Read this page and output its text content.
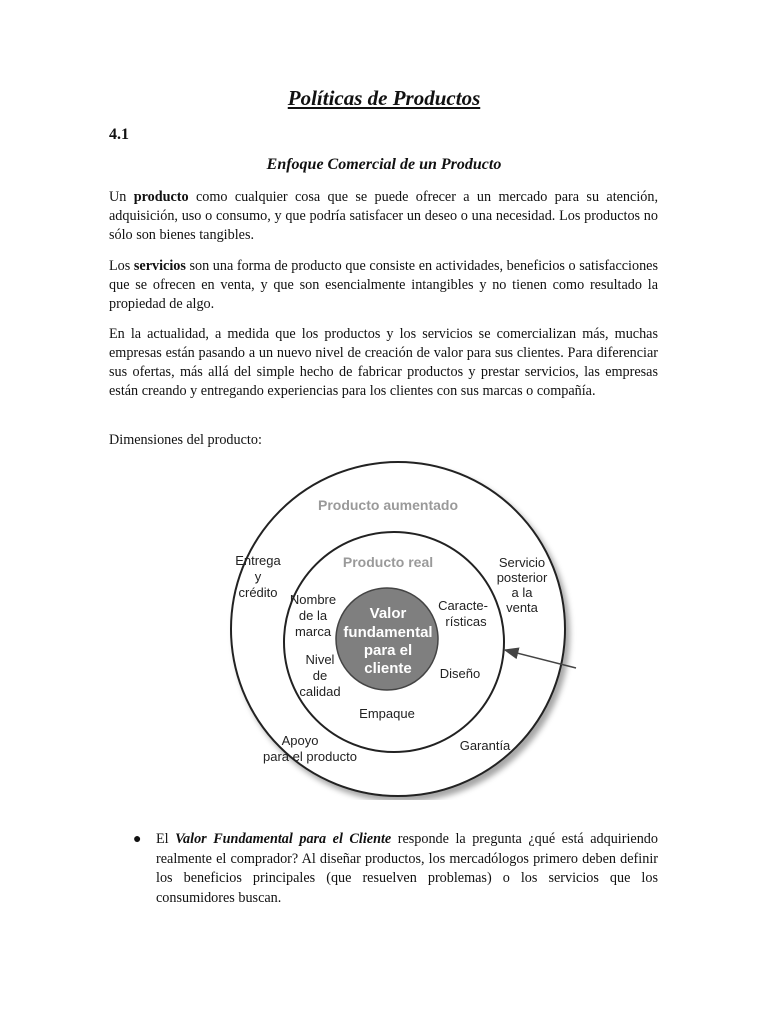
Políticas de Productos
4.1
Enfoque Comercial de un Producto

Un producto como cualquier cosa que se puede ofrecer a un mercado para su atención, adquisición, uso o consumo, y que podría satisfacer un deseo o una necesidad. Los productos no sólo son bienes tangibles.

Los servicios son una forma de producto que consiste en actividades, beneficios o satisfacciones que se ofrecen en venta, y que son esencialmente intangibles y no tienen como resultado la propiedad de algo.

En la actualidad, a medida que los productos y los servicios se comercializan más, muchas empresas están pasando a un nuevo nivel de creación de valor para sus clientes. Para diferenciar sus ofertas, más allá del simple hecho de fabricar productos y prestar servicios, las empresas están creando y entregando experiencias para los clientes con sus marcas o compañía.

Dimensiones del producto:

Producto aumentado
Producto real
Valor
fundamental
para el
cliente
Entrega
y
crédito
Servicio
posterior
a la
venta
Apoyo
para el producto
Garantía
Nombre
de la
marca
Caracte-
rísticas
Nivel
de
calidad
Diseño
Empaque
● El Valor Fundamental para el Cliente responde la pregunta ¿qué está adquiriendo realmente el comprador? Al diseñar productos, los mercadólogos primero deben definir los beneficios principales (que resuelven problemas) o los servicios que los consumidores buscan.
